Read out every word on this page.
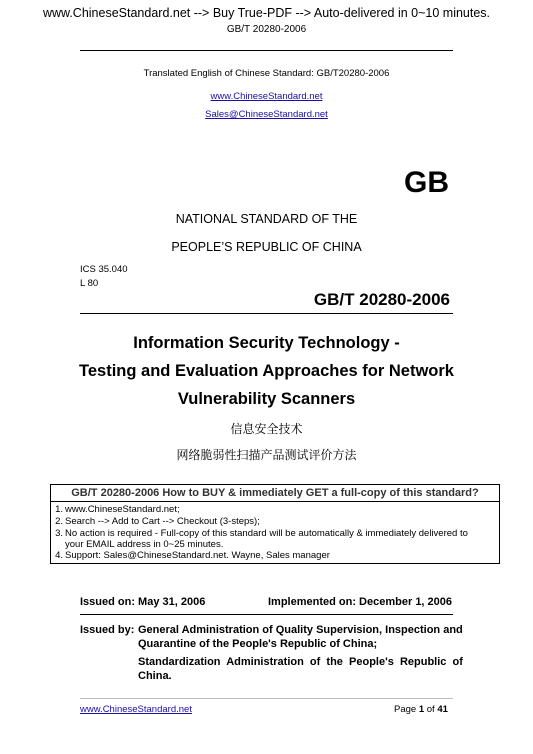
www.ChineseStandard.net --> Buy True-PDF --> Auto-delivered in 0~10 minutes.
GB/T 20280-2006
Translated English of Chinese Standard: GB/T20280-2006
www.ChineseStandard.net
Sales@ChineseStandard.net
GB
NATIONAL STANDARD OF THE
PEOPLE’S REPUBLIC OF CHINA
ICS 35.040
L 80
GB/T 20280-2006
Information Security Technology -
Testing and Evaluation Approaches for Network
Vulnerability Scanners
信息安全技术
网络脆弱性扫描产品测试评价方法
GB/T 20280-2006 How to BUY & immediately GET a full-copy of this standard?
1. www.ChineseStandard.net;
2. Search --> Add to Cart --> Checkout (3-steps);
3. No action is required - Full-copy of this standard will be automatically & immediately delivered to
your EMAIL address in 0~25 minutes.
4. Support: Sales@ChineseStandard.net. Wayne, Sales manager
Issued on: May 31, 2006	Implemented on: December 1, 2006
Issued by: General Administration of Quality Supervision, Inspection and
Quarantine of the People's Republic of China;
Standardization  Administration  of  the  People's  Republic  of
China.
www.ChineseStandard.net	Page 1 of 41
